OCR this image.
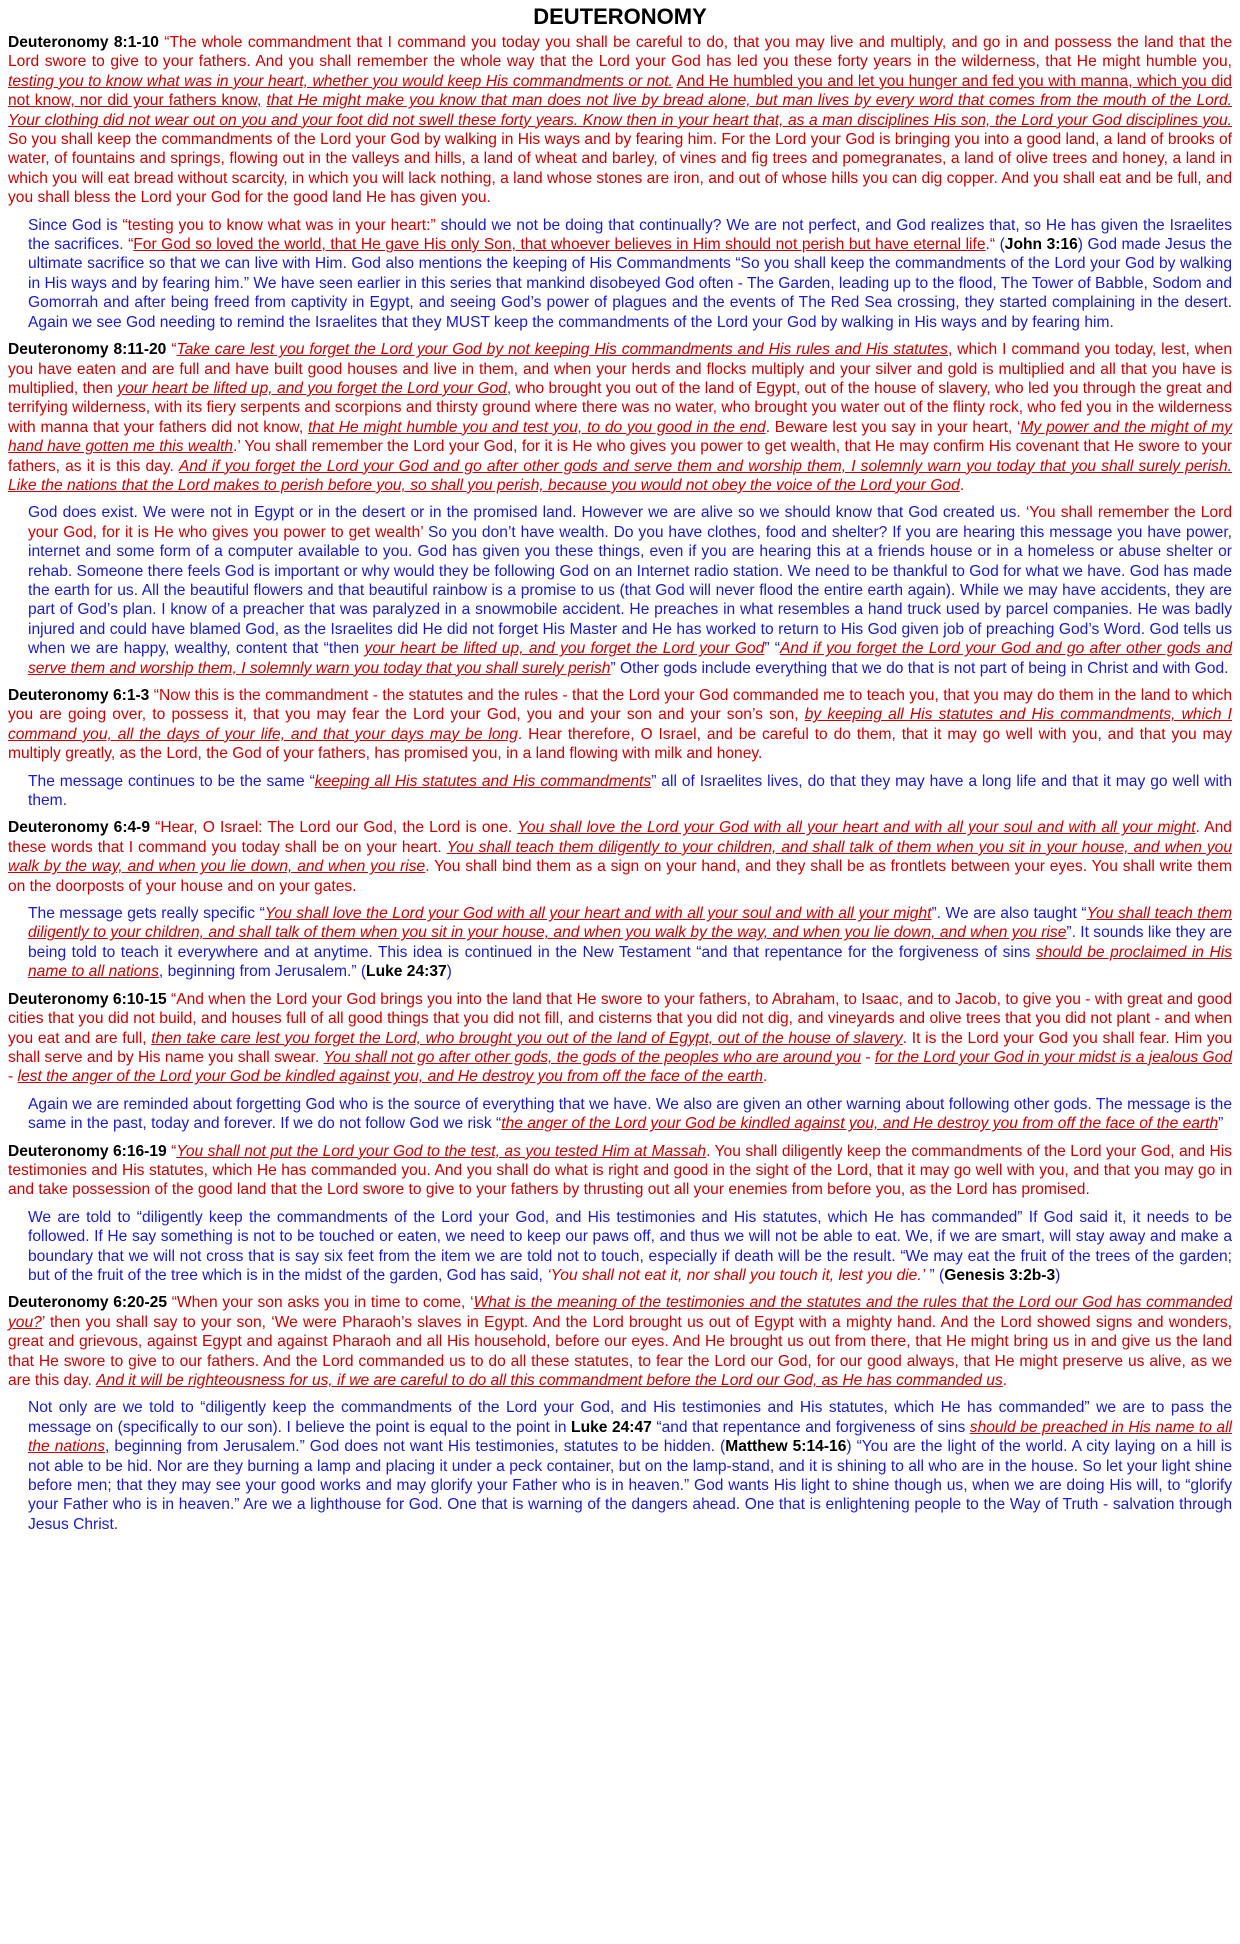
DEUTERONOMY

Deuteronomy 8:1-10 “The whole commandment that I command you today you shall be careful to do, that you may live and multiply, and go in and possess the land that the Lord swore to give to your fathers. And you shall remember the whole way that the Lord your God has led you these forty years in the wilderness, that He might humble you, testing you to know what was in your heart, whether you would keep His commandments or not. And He humbled you and let you hunger and fed you with manna, which you did not know, nor did your fathers know, that He might make you know that man does not live by bread alone, but man lives by every word that comes from the mouth of the Lord. Your clothing did not wear out on you and your foot did not swell these forty years. Know then in your heart that, as a man disciplines His son, the Lord your God disciplines you. So you shall keep the commandments of the Lord your God by walking in His ways and by fearing him. For the Lord your God is bringing you into a good land, a land of brooks of water, of fountains and springs, flowing out in the valleys and hills, a land of wheat and barley, of vines and fig trees and pomegranates, a land of olive trees and honey, a land in which you will eat bread without scarcity, in which you will lack nothing, a land whose stones are iron, and out of whose hills you can dig copper. And you shall eat and be full, and you shall bless the Lord your God for the good land He has given you.

Since God is “testing you to know what was in your heart:” should we not be doing that continually? We are not perfect, and God realizes that, so He has given the Israelites the sacrifices. “For God so loved the world, that He gave His only Son, that whoever believes in Him should not perish but have eternal life.“ (John 3:16) God made Jesus the ultimate sacrifice so that we can live with Him. God also mentions the keeping of His Commandments “So you shall keep the commandments of the Lord your God by walking in His ways and by fearing him.” We have seen earlier in this series that mankind disobeyed God often - The Garden, leading up to the flood, The Tower of Babble, Sodom and Gomorrah and after being freed from captivity in Egypt, and seeing God’s power of plagues and the events of The Red Sea crossing, they started complaining in the desert. Again we see God needing to remind the Israelites that they MUST keep the commandments of the Lord your God by walking in His ways and by fearing him.

Deuteronomy 8:11-20 “Take care lest you forget the Lord your God by not keeping His commandments and His rules and His statutes, which I command you today, lest, when you have eaten and are full and have built good houses and live in them, and when your herds and flocks multiply and your silver and gold is multiplied and all that you have is multiplied, then your heart be lifted up, and you forget the Lord your God, who brought you out of the land of Egypt, out of the house of slavery, who led you through the great and terrifying wilderness, with its fiery serpents and scorpions and thirsty ground where there was no water, who brought you water out of the flinty rock, who fed you in the wilderness with manna that your fathers did not know, that He might humble you and test you, to do you good in the end. Beware lest you say in your heart, ‘My power and the might of my hand have gotten me this wealth.’ You shall remember the Lord your God, for it is He who gives you power to get wealth, that He may confirm His covenant that He swore to your fathers, as it is this day. And if you forget the Lord your God and go after other gods and serve them and worship them, I solemnly warn you today that you shall surely perish. Like the nations that the Lord makes to perish before you, so shall you perish, because you would not obey the voice of the Lord your God.

God does exist. We were not in Egypt or in the desert or in the promised land. However we are alive so we should know that God created us. ‘You shall remember the Lord your God, for it is He who gives you power to get wealth’ So you don’t have wealth. Do you have clothes, food and shelter? If you are hearing this message you have power, internet and some form of a computer available to you. God has given you these things, even if you are hearing this at a friends house or in a homeless or abuse shelter or rehab. Someone there feels God is important or why would they be following God on an Internet radio station. We need to be thankful to God for what we have. God has made the earth for us. All the beautiful flowers and that beautiful rainbow is a promise to us (that God will never flood the entire earth again). While we may have accidents, they are part of God’s plan. I know of a preacher that was paralyzed in a snowmobile accident. He preaches in what resembles a hand truck used by parcel companies. He was badly injured and could have blamed God, as the Israelites did He did not forget His Master and He has worked to return to His God given job of preaching God’s Word. God tells us when we are happy, wealthy, content that “then your heart be lifted up, and you forget the Lord your God” “And if you forget the Lord your God and go after other gods and serve them and worship them, I solemnly warn you today that you shall surely perish” Other gods include everything that we do that is not part of being in Christ and with God.

Deuteronomy 6:1-3 “Now this is the commandment - the statutes and the rules - that the Lord your God commanded me to teach you, that you may do them in the land to which you are going over, to possess it, that you may fear the Lord your God, you and your son and your son’s son, by keeping all His statutes and His commandments, which I command you, all the days of your life, and that your days may be long. Hear therefore, O Israel, and be careful to do them, that it may go well with you, and that you may multiply greatly, as the Lord, the God of your fathers, has promised you, in a land flowing with milk and honey.

The message continues to be the same “keeping all His statutes and His commandments” all of Israelites lives, do that they may have a long life and that it may go well with them.

Deuteronomy 6:4-9 “Hear, O Israel: The Lord our God, the Lord is one. You shall love the Lord your God with all your heart and with all your soul and with all your might. And these words that I command you today shall be on your heart. You shall teach them diligently to your children, and shall talk of them when you sit in your house, and when you walk by the way, and when you lie down, and when you rise. You shall bind them as a sign on your hand, and they shall be as frontlets between your eyes. You shall write them on the doorposts of your house and on your gates.

The message gets really specific “You shall love the Lord your God with all your heart and with all your soul and with all your might”. We are also taught “You shall teach them diligently to your children, and shall talk of them when you sit in your house, and when you walk by the way, and when you lie down, and when you rise”. It sounds like they are being told to teach it everywhere and at anytime. This idea is continued in the New Testament “and that repentance for the forgiveness of sins should be proclaimed in His name to all nations, beginning from Jerusalem.” (Luke 24:37)

Deuteronomy 6:10-15 “And when the Lord your God brings you into the land that He swore to your fathers, to Abraham, to Isaac, and to Jacob, to give you - with great and good cities that you did not build, and houses full of all good things that you did not fill, and cisterns that you did not dig, and vineyards and olive trees that you did not plant - and when you eat and are full, then take care lest you forget the Lord, who brought you out of the land of Egypt, out of the house of slavery. It is the Lord your God you shall fear. Him you shall serve and by His name you shall swear. You shall not go after other gods, the gods of the peoples who are around you - for the Lord your God in your midst is a jealous God - lest the anger of the Lord your God be kindled against you, and He destroy you from off the face of the earth.

Again we are reminded about forgetting God who is the source of everything that we have. We also are given an other warning about following other gods. The message is the same in the past, today and forever. If we do not follow God we risk “the anger of the Lord your God be kindled against you, and He destroy you from off the face of the earth”

Deuteronomy 6:16-19 “You shall not put the Lord your God to the test, as you tested Him at Massah. You shall diligently keep the commandments of the Lord your God, and His testimonies and His statutes, which He has commanded you. And you shall do what is right and good in the sight of the Lord, that it may go well with you, and that you may go in and take possession of the good land that the Lord swore to give to your fathers by thrusting out all your enemies from before you, as the Lord has promised.

We are told to “diligently keep the commandments of the Lord your God, and His testimonies and His statutes, which He has commanded” If God said it, it needs to be followed. If He say something is not to be touched or eaten, we need to keep our paws off, and thus we will not be able to eat. We, if we are smart, will stay away and make a boundary that we will not cross that is say six feet from the item we are told not to touch, especially if death will be the result. “We may eat the fruit of the trees of the garden; but of the fruit of the tree which is in the midst of the garden, God has said, ‘You shall not eat it, nor shall you touch it, lest you die.’ ” (Genesis 3:2b-3)

Deuteronomy 6:20-25 “When your son asks you in time to come, ‘What is the meaning of the testimonies and the statutes and the rules that the Lord our God has commanded you?’ then you shall say to your son, ‘We were Pharaoh’s slaves in Egypt. And the Lord brought us out of Egypt with a mighty hand. And the Lord showed signs and wonders, great and grievous, against Egypt and against Pharaoh and all His household, before our eyes. And He brought us out from there, that He might bring us in and give us the land that He swore to give to our fathers. And the Lord commanded us to do all these statutes, to fear the Lord our God, for our good always, that He might preserve us alive, as we are this day. And it will be righteousness for us, if we are careful to do all this commandment before the Lord our God, as He has commanded us.

Not only are we told to “diligently keep the commandments of the Lord your God, and His testimonies and His statutes, which He has commanded” we are to pass the message on (specifically to our son). I believe the point is equal to the point in Luke 24:47 “and that repentance and forgiveness of sins should be preached in His name to all the nations, beginning from Jerusalem.” God does not want His testimonies, statutes to be hidden. (Matthew 5:14-16) “You are the light of the world. A city laying on a hill is not able to be hid. Nor are they burning a lamp and placing it under a peck container, but on the lamp-stand, and it is shining to all who are in the house. So let your light shine before men; that they may see your good works and may glorify your Father who is in heaven.” God wants His light to shine though us, when we are doing His will, to “glorify your Father who is in heaven.” Are we a lighthouse for God. One that is warning of the dangers ahead. One that is enlightening people to the Way of Truth - salvation through Jesus Christ.
